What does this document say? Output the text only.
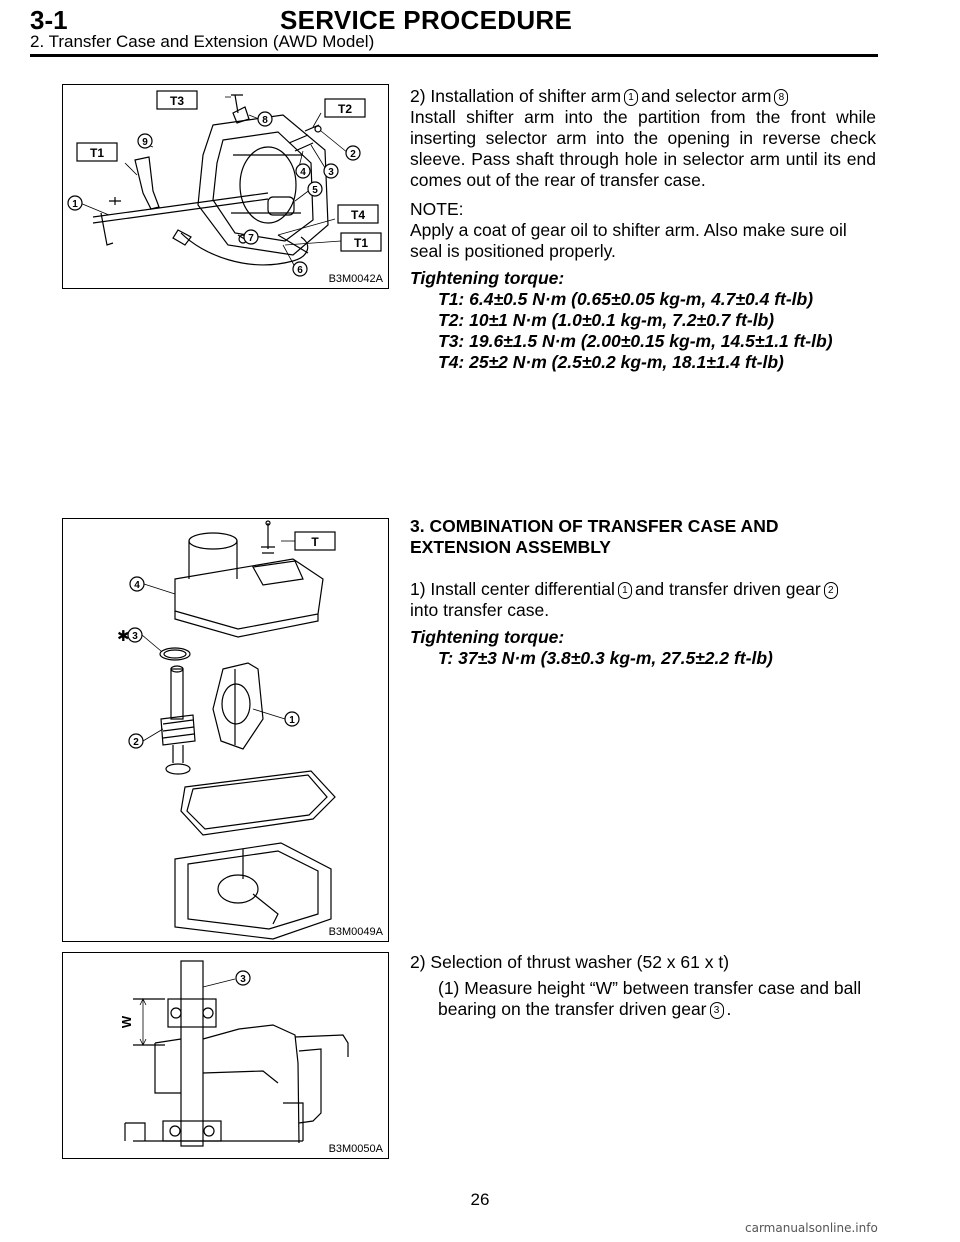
3-1	SERVICE PROCEDURE
2. Transfer Case and Extension (AWD Model)
T3
T2
T1
T4
T1
1
2
3
4
5
6
7
8
9
B3M0042A

2) Installation of shifter arm 1 and selector arm 8

Install shifter arm into the partition from the front while inserting selector arm into the opening in reverse check sleeve. Pass shaft through hole in selector arm until its end comes out of the rear of transfer case.

NOTE:

Apply a coat of gear oil to shifter arm. Also make sure oil seal is positioned properly.

Tightening torque:

T1: 6.4±0.5 N·m (0.65±0.05 kg-m, 4.7±0.4 ft-lb)

T2: 10±1 N·m (1.0±0.1 kg-m, 7.2±0.7 ft-lb)

T3: 19.6±1.5 N·m (2.00±0.15 kg-m, 14.5±1.1 ft-lb)

T4: 25±2 N·m (2.5±0.2 kg-m, 18.1±1.4 ft-lb)

T
4
3
2
1
✱
B3M0049A

3. COMBINATION OF TRANSFER CASE AND

EXTENSION ASSEMBLY

1) Install center differential 1 and transfer driven gear 2

into transfer case.

Tightening torque:

T: 37±3 N·m (3.8±0.3 kg-m, 27.5±2.2 ft-lb)

3
W
B3M0050A

2) Selection of thrust washer (52 x 61 x t)

(1) Measure height “W” between transfer case and ball bearing on the transfer driven gear 3 .

26
carmanualsonline.info
